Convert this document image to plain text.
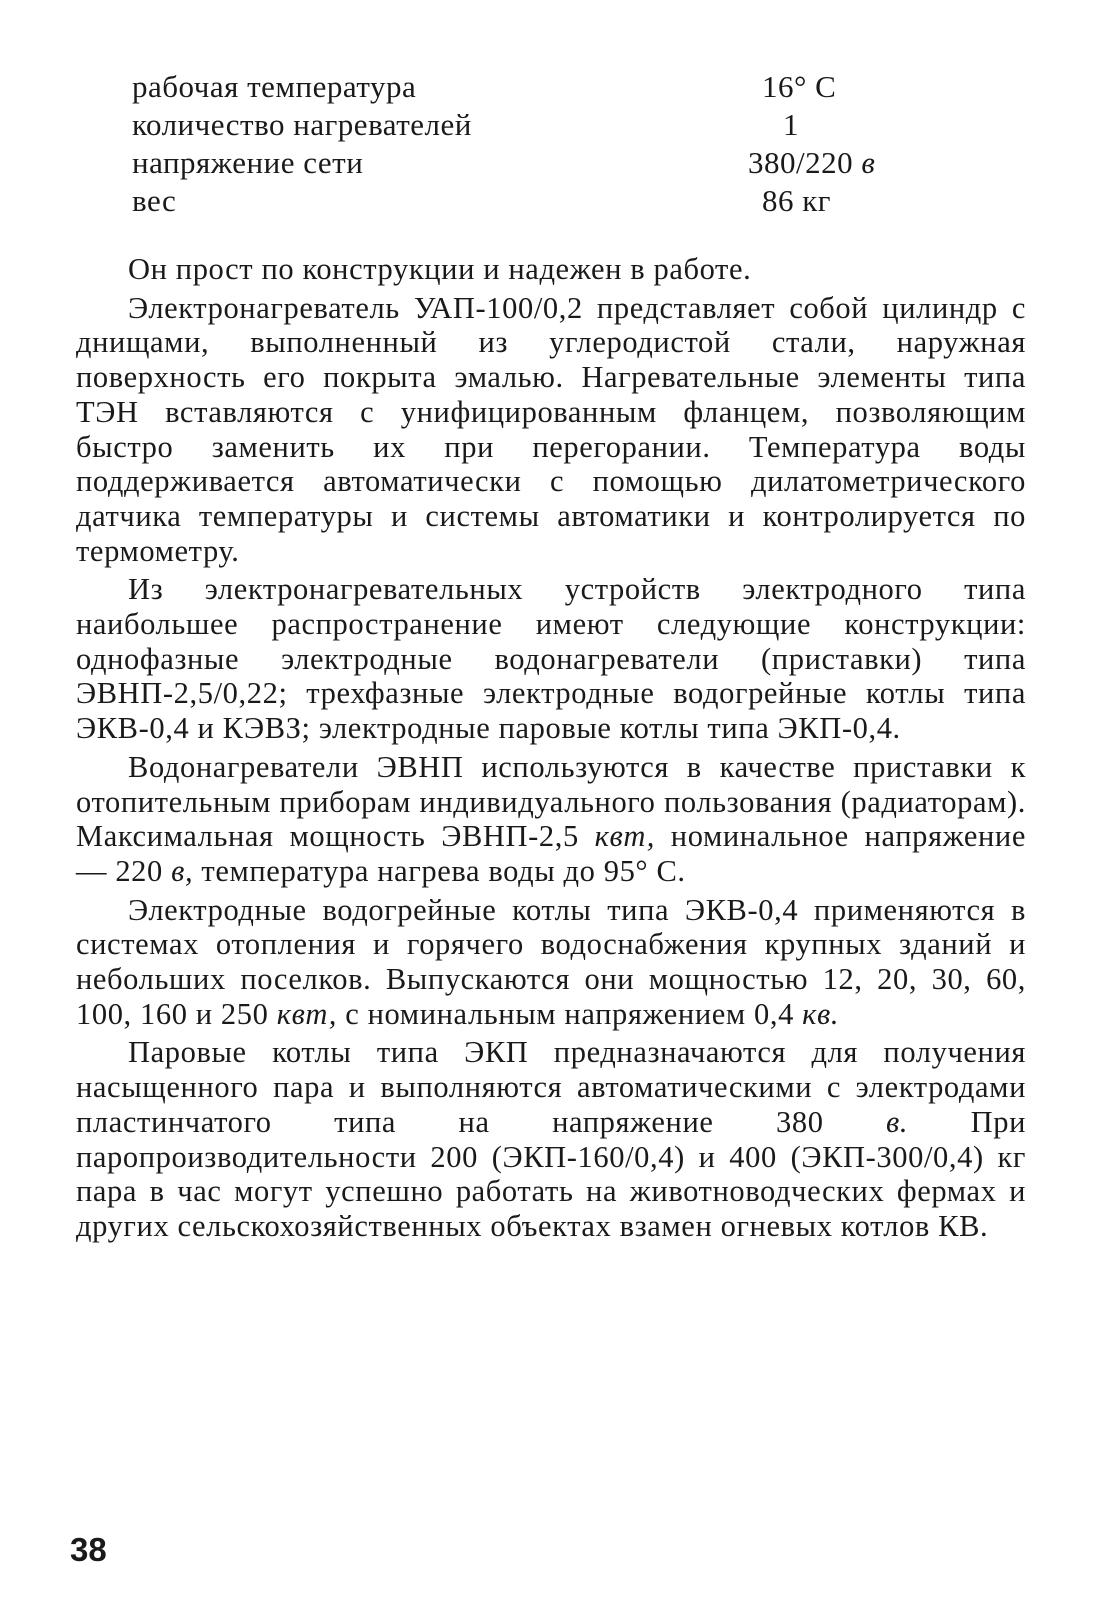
рабочая температура	16° С
количество нагревателей	1
напряжение сети	380/220 в
вес	86 кг

Он прост по конструкции и надежен в работе.

Электронагреватель УАП-100/0,2 представляет собой цилиндр с днищами, выполненный из углеродистой стали, наружная поверхность его покрыта эмалью. Нагревательные элементы типа ТЭН вставляются с унифицированным фланцем, позволяющим быстро заменить их при перегорании. Температура воды поддерживается автоматически с помощью дилатометрического датчика температуры и системы автоматики и контролируется по термометру.

Из электронагревательных устройств электродного типа наибольшее распространение имеют следующие конструкции: однофазные электродные водонагреватели (приставки) типа ЭВНП-2,5/0,22; трехфазные электродные водогрейные котлы типа ЭКВ-0,4 и КЭВЗ; электродные паровые котлы типа ЭКП-0,4.

Водонагреватели ЭВНП используются в качестве приставки к отопительным приборам индивидуального пользования (радиаторам). Максимальная мощность ЭВНП-2,5 квт, номинальное напряжение — 220 в, температура нагрева воды до 95° С.

Электродные водогрейные котлы типа ЭКВ-0,4 применяются в системах отопления и горячего водоснабжения крупных зданий и небольших поселков. Выпускаются они мощностью 12, 20, 30, 60, 100, 160 и 250 квт, с номинальным напряжением 0,4 кв.

Паровые котлы типа ЭКП предназначаются для получения насыщенного пара и выполняются автоматическими с электродами пластинчатого типа на напряжение 380 в. При паропроизводительности 200 (ЭКП-160/0,4) и 400 (ЭКП-300/0,4) кг пара в час могут успешно работать на животноводческих фермах и других сельскохозяйственных объектах взамен огневых котлов КВ.

38
